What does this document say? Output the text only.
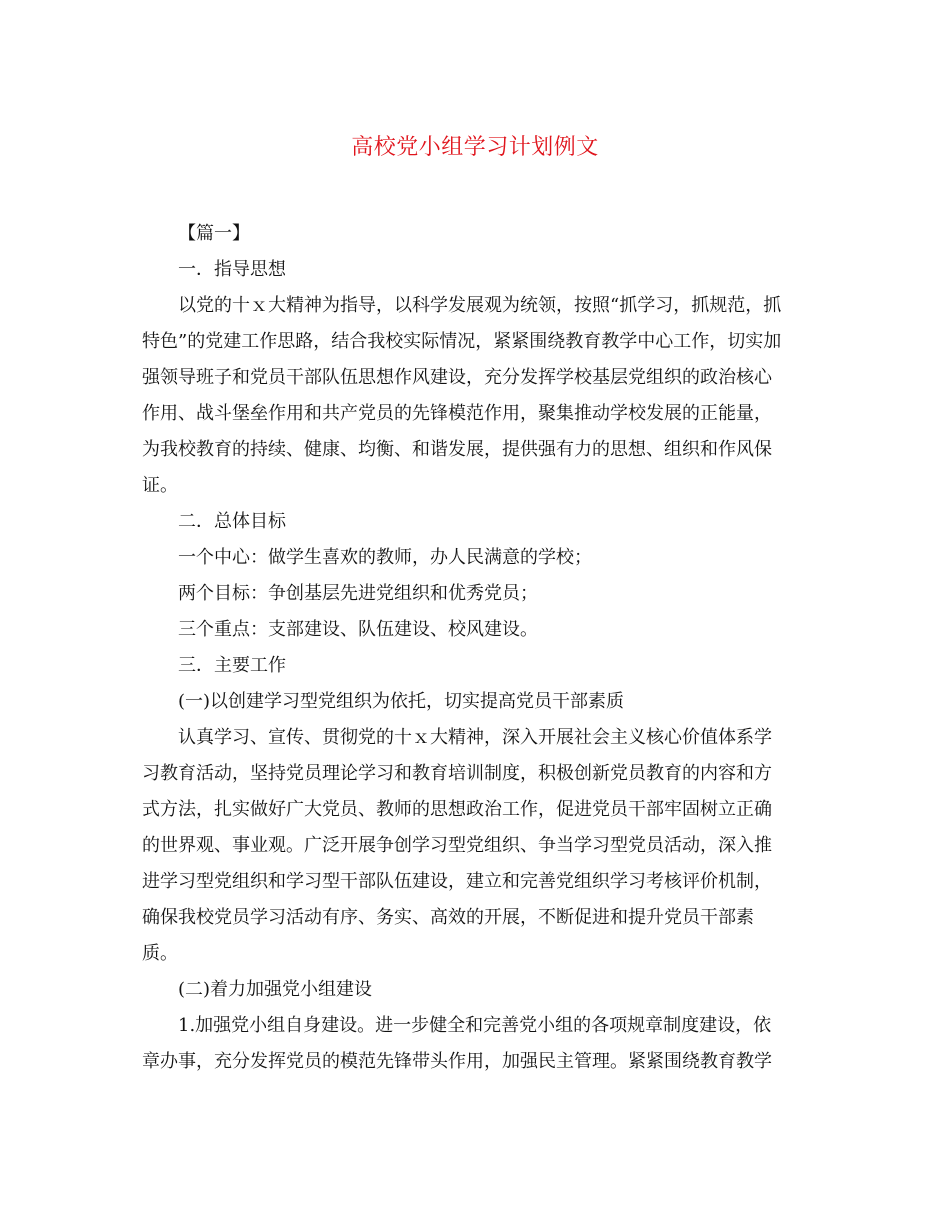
高校党小组学习计划例文

【篇一】

一．指导思想

以党的十ｘ大精神为指导，以科学发展观为统领，按照“抓学习，抓规范，抓
特色”的党建工作思路，结合我校实际情况，紧紧围绕教育教学中心工作，切实加
强领导班子和党员干部队伍思想作风建设，充分发挥学校基层党组织的政治核心
作用、战斗堡垒作用和共产党员的先锋模范作用，聚集推动学校发展的正能量，
为我校教育的持续、健康、均衡、和谐发展，提供强有力的思想、组织和作风保
证。

二．总体目标

一个中心：做学生喜欢的教师，办人民满意的学校；

两个目标：争创基层先进党组织和优秀党员；

三个重点：支部建设、队伍建设、校风建设。

三．主要工作

(一)以创建学习型党组织为依托，切实提高党员干部素质

认真学习、宣传、贯彻党的十ｘ大精神，深入开展社会主义核心价值体系学
习教育活动，坚持党员理论学习和教育培训制度，积极创新党员教育的内容和方
式方法，扎实做好广大党员、教师的思想政治工作，促进党员干部牢固树立正确
的世界观、事业观。广泛开展争创学习型党组织、争当学习型党员活动，深入推
进学习型党组织和学习型干部队伍建设，建立和完善党组织学习考核评价机制，
确保我校党员学习活动有序、务实、高效的开展，不断促进和提升党员干部素
质。

(二)着力加强党小组建设

1.加强党小组自身建设。进一步健全和完善党小组的各项规章制度建设，依
章办事，充分发挥党员的模范先锋带头作用，加强民主管理。紧紧围绕教育教学
